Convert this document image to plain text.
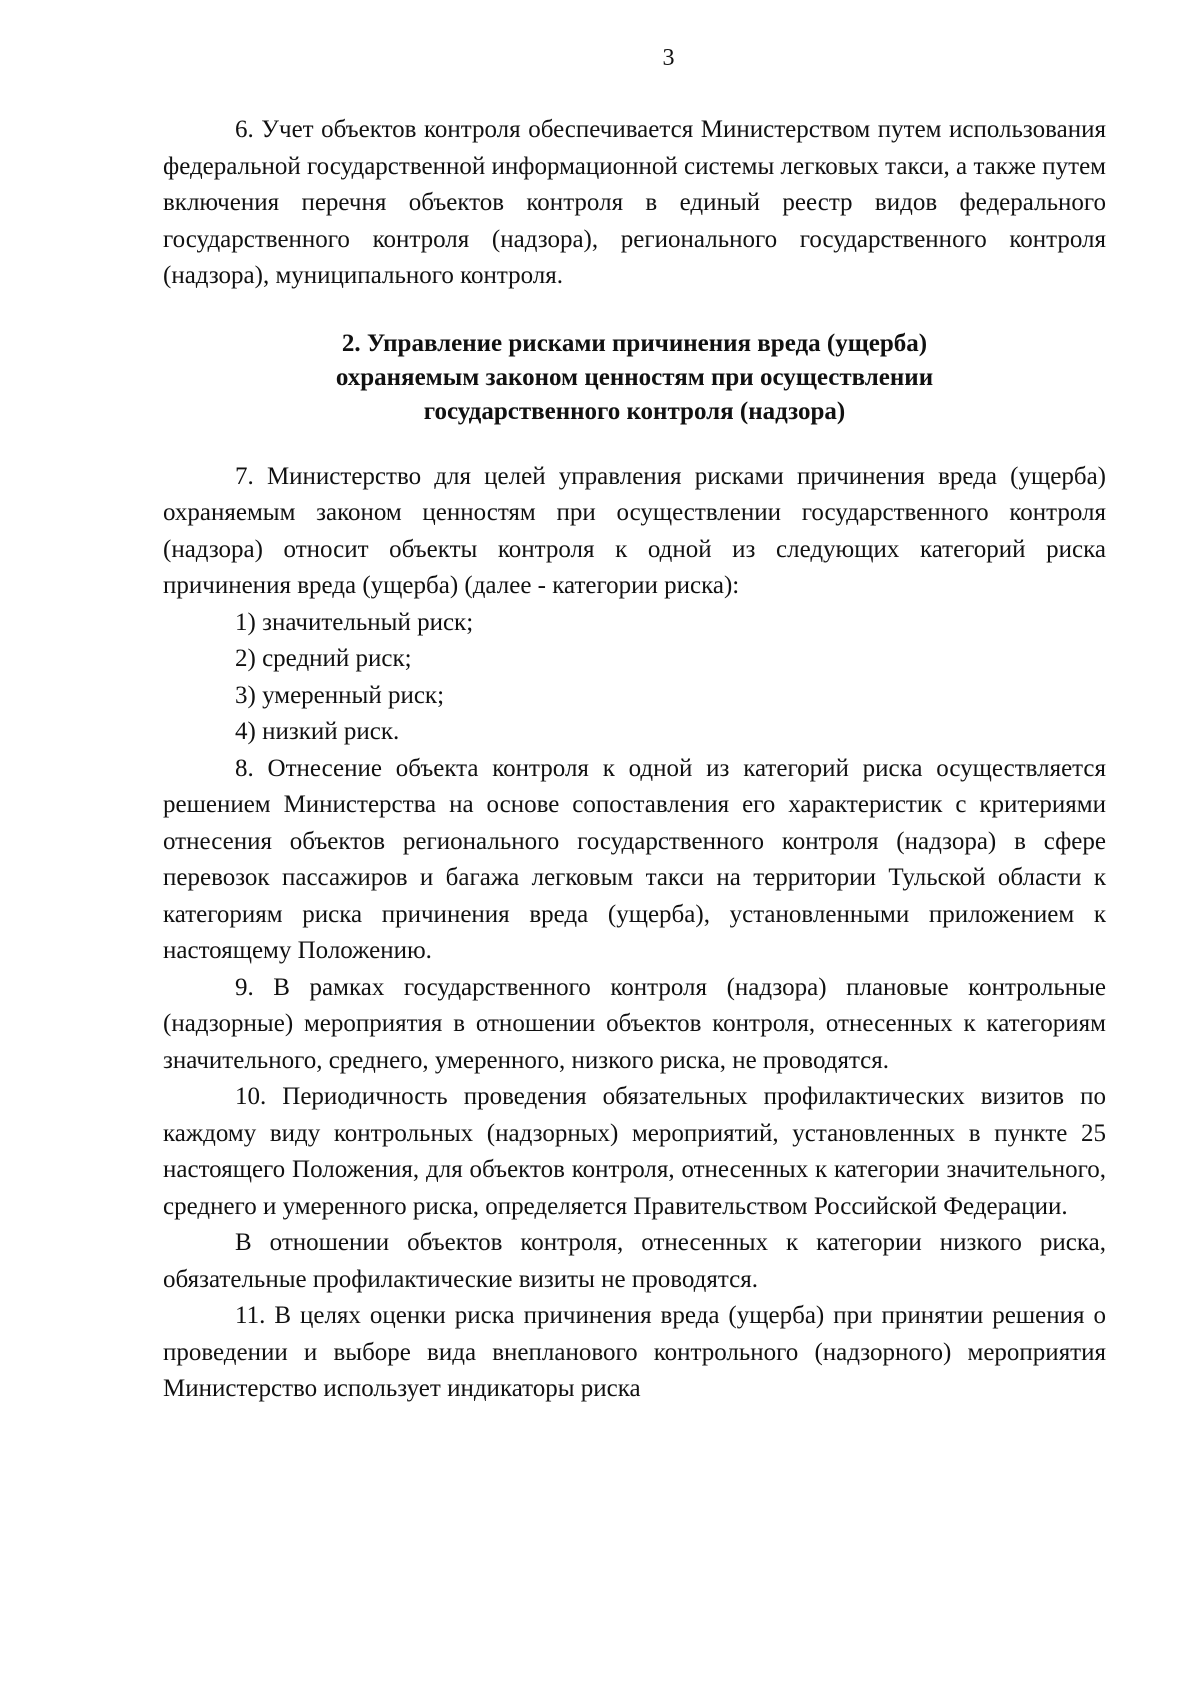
3

6. Учет объектов контроля обеспечивается Министерством путем использования федеральной государственной информационной системы легковых такси, а также путем включения перечня объектов контроля в единый реестр видов федерального государственного контроля (надзора), регионального государственного контроля (надзора), муниципального контроля.

2. Управление рисками причинения вреда (ущерба)
охраняемым законом ценностям при осуществлении
государственного контроля (надзора)

7. Министерство для целей управления рисками причинения вреда (ущерба) охраняемым законом ценностям при осуществлении государственного контроля (надзора) относит объекты контроля к одной из следующих категорий риска причинения вреда (ущерба) (далее - категории риска):

1) значительный риск;

2) средний риск;

3) умеренный риск;

4) низкий риск.

8. Отнесение объекта контроля к одной из категорий риска осуществляется решением Министерства на основе сопоставления его характеристик с критериями отнесения объектов регионального государственного контроля (надзора) в сфере перевозок пассажиров и багажа легковым такси на территории Тульской области к категориям риска причинения вреда (ущерба), установленными приложением к настоящему Положению.

9. В рамках государственного контроля (надзора) плановые контрольные (надзорные) мероприятия в отношении объектов контроля, отнесенных к категориям значительного, среднего, умеренного, низкого риска, не проводятся.

10. Периодичность проведения обязательных профилактических визитов по каждому виду контрольных (надзорных) мероприятий, установленных в пункте 25 настоящего Положения, для объектов контроля, отнесенных к категории значительного, среднего и умеренного риска, определяется Правительством Российской Федерации.

В отношении объектов контроля, отнесенных к категории низкого риска, обязательные профилактические визиты не проводятся.

11. В целях оценки риска причинения вреда (ущерба) при принятии решения о проведении и выборе вида внепланового контрольного (надзорного) мероприятия Министерство использует индикаторы риска
